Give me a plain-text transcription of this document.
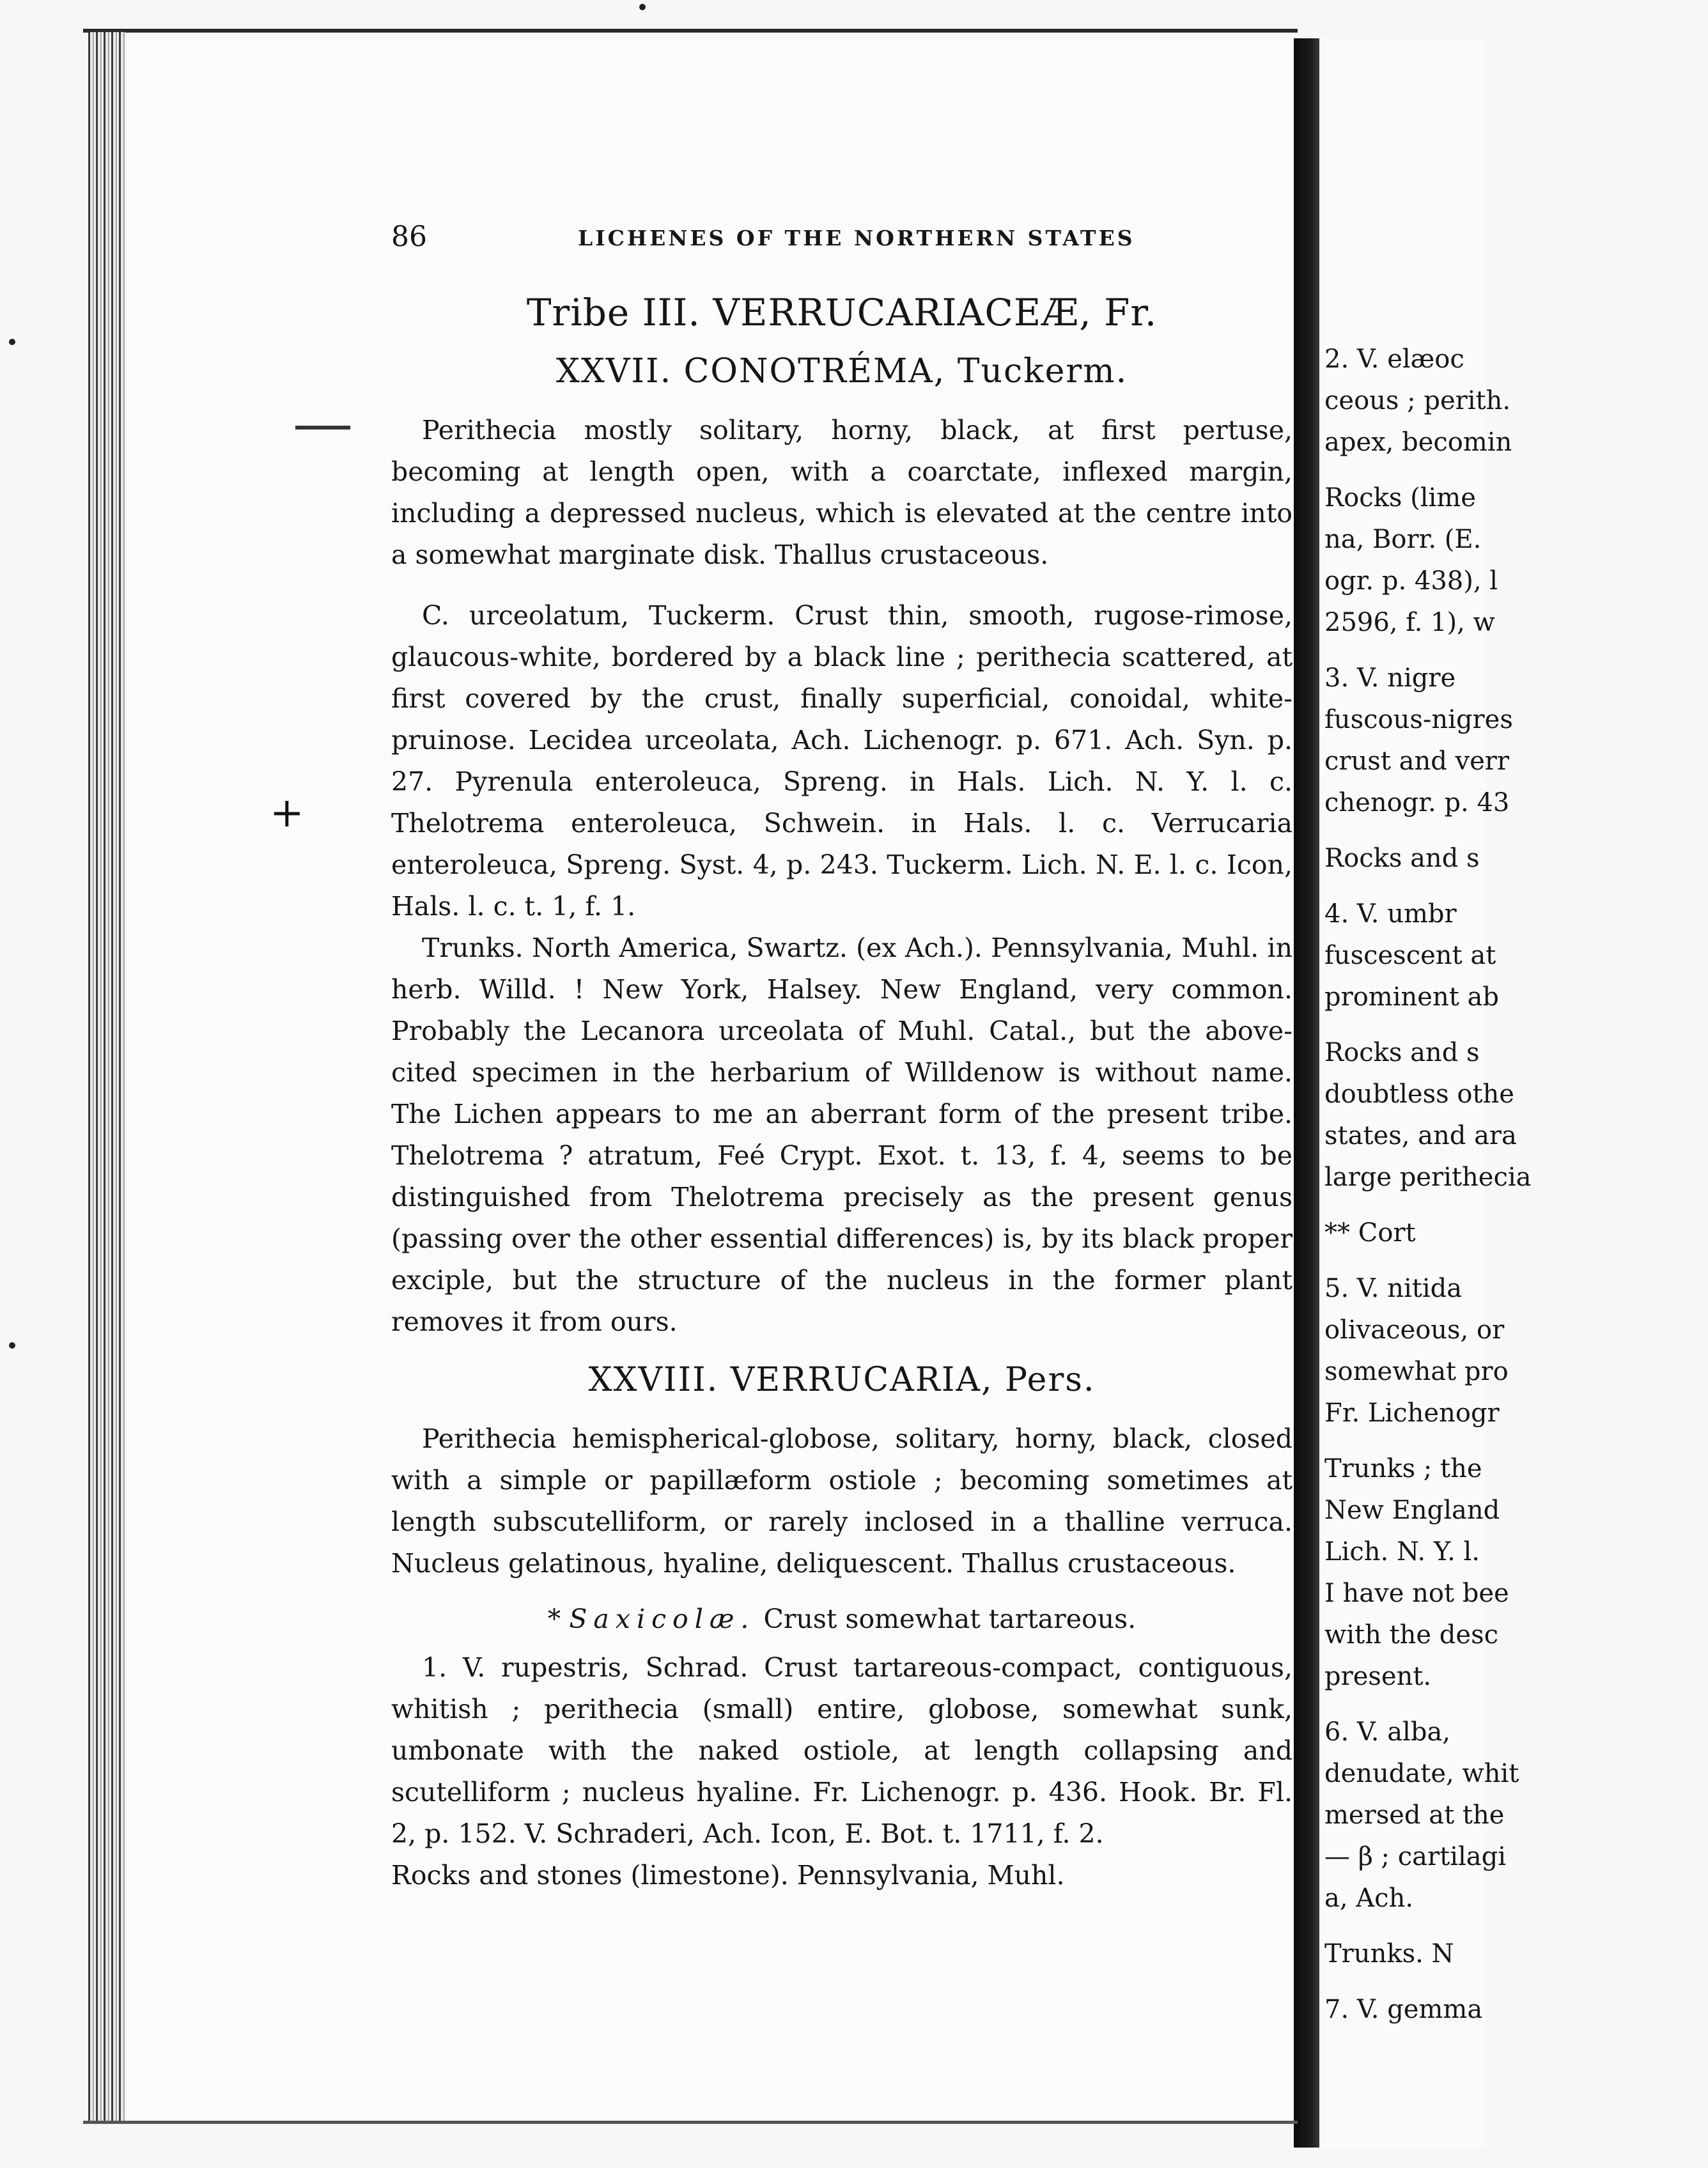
+
86	LICHENES OF THE NORTHERN STATES
Tribe III. VERRUCARIACEÆ, Fr.
XXVII. CONOTRÉMA, Tuckerm.

Perithecia mostly solitary, horny, black, at first pertuse, becoming at length open, with a coarctate, inflexed margin, including a depressed nucleus, which is elevated at the centre into a somewhat marginate disk. Thallus crustaceous.

C. urceolatum, Tuckerm. Crust thin, smooth, rugose-rimose, glaucous-white, bordered by a black line ; perithecia scattered, at first covered by the crust, finally superficial, conoidal, white-pruinose. Lecidea urceolata, Ach. Lichenogr. p. 671. Ach. Syn. p. 27. Pyrenula enteroleuca, Spreng. in Hals. Lich. N. Y. l. c. Thelotrema enteroleuca, Schwein. in Hals. l. c. Verrucaria enteroleuca, Spreng. Syst. 4, p. 243. Tuckerm. Lich. N. E. l. c. Icon, Hals. l. c. t. 1, f. 1.

Trunks. North America, Swartz. (ex Ach.). Pennsylvania, Muhl. in herb. Willd. ! New York, Halsey. New England, very common. Probably the Lecanora urceolata of Muhl. Catal., but the above-cited specimen in the herbarium of Willdenow is without name. The Lichen appears to me an aberrant form of the present tribe. Thelotrema ? atratum, Feé Crypt. Exot. t. 13, f. 4, seems to be distinguished from Thelotrema precisely as the present genus (passing over the other essential differences) is, by its black proper exciple, but the structure of the nucleus in the former plant removes it from ours.

XXVIII. VERRUCARIA, Pers.

Perithecia hemispherical-globose, solitary, horny, black, closed with a simple or papillæform ostiole ; becoming sometimes at length subscutelliform, or rarely inclosed in a thalline verruca. Nucleus gelatinous, hyaline, deliquescent. Thallus crustaceous.

* Saxicolæ. Crust somewhat tartareous.

1. V. rupestris, Schrad. Crust tartareous-compact, contiguous, whitish ; perithecia (small) entire, globose, somewhat sunk, umbonate with the naked ostiole, at length collapsing and scutelliform ; nucleus hyaline. Fr. Lichenogr. p. 436. Hook. Br. Fl. 2, p. 152. V. Schraderi, Ach. Icon, E. Bot. t. 1711, f. 2.

Rocks and stones (limestone). Pennsylvania, Muhl.

2. V. elæoc
ceous ; perith.
apex, becomin
Rocks (lime
na, Borr. (E.
ogr. p. 438), l
2596, f. 1), w
3. V. nigre
fuscous-nigres
crust and verr
chenogr. p. 43
Rocks and s
4. V. umbr
fuscescent at
prominent ab
Rocks and s
doubtless othe
states, and ara
large perithecia
** Cort
5. V. nitida
olivaceous, or
somewhat pro
Fr. Lichenogr
Trunks ; the
New England
Lich. N. Y. l.
I have not bee
with the desc
present.
6. V. alba,
denudate, whit
mersed at the
— β ; cartilagi
a, Ach.
Trunks. N
7. V. gemma
